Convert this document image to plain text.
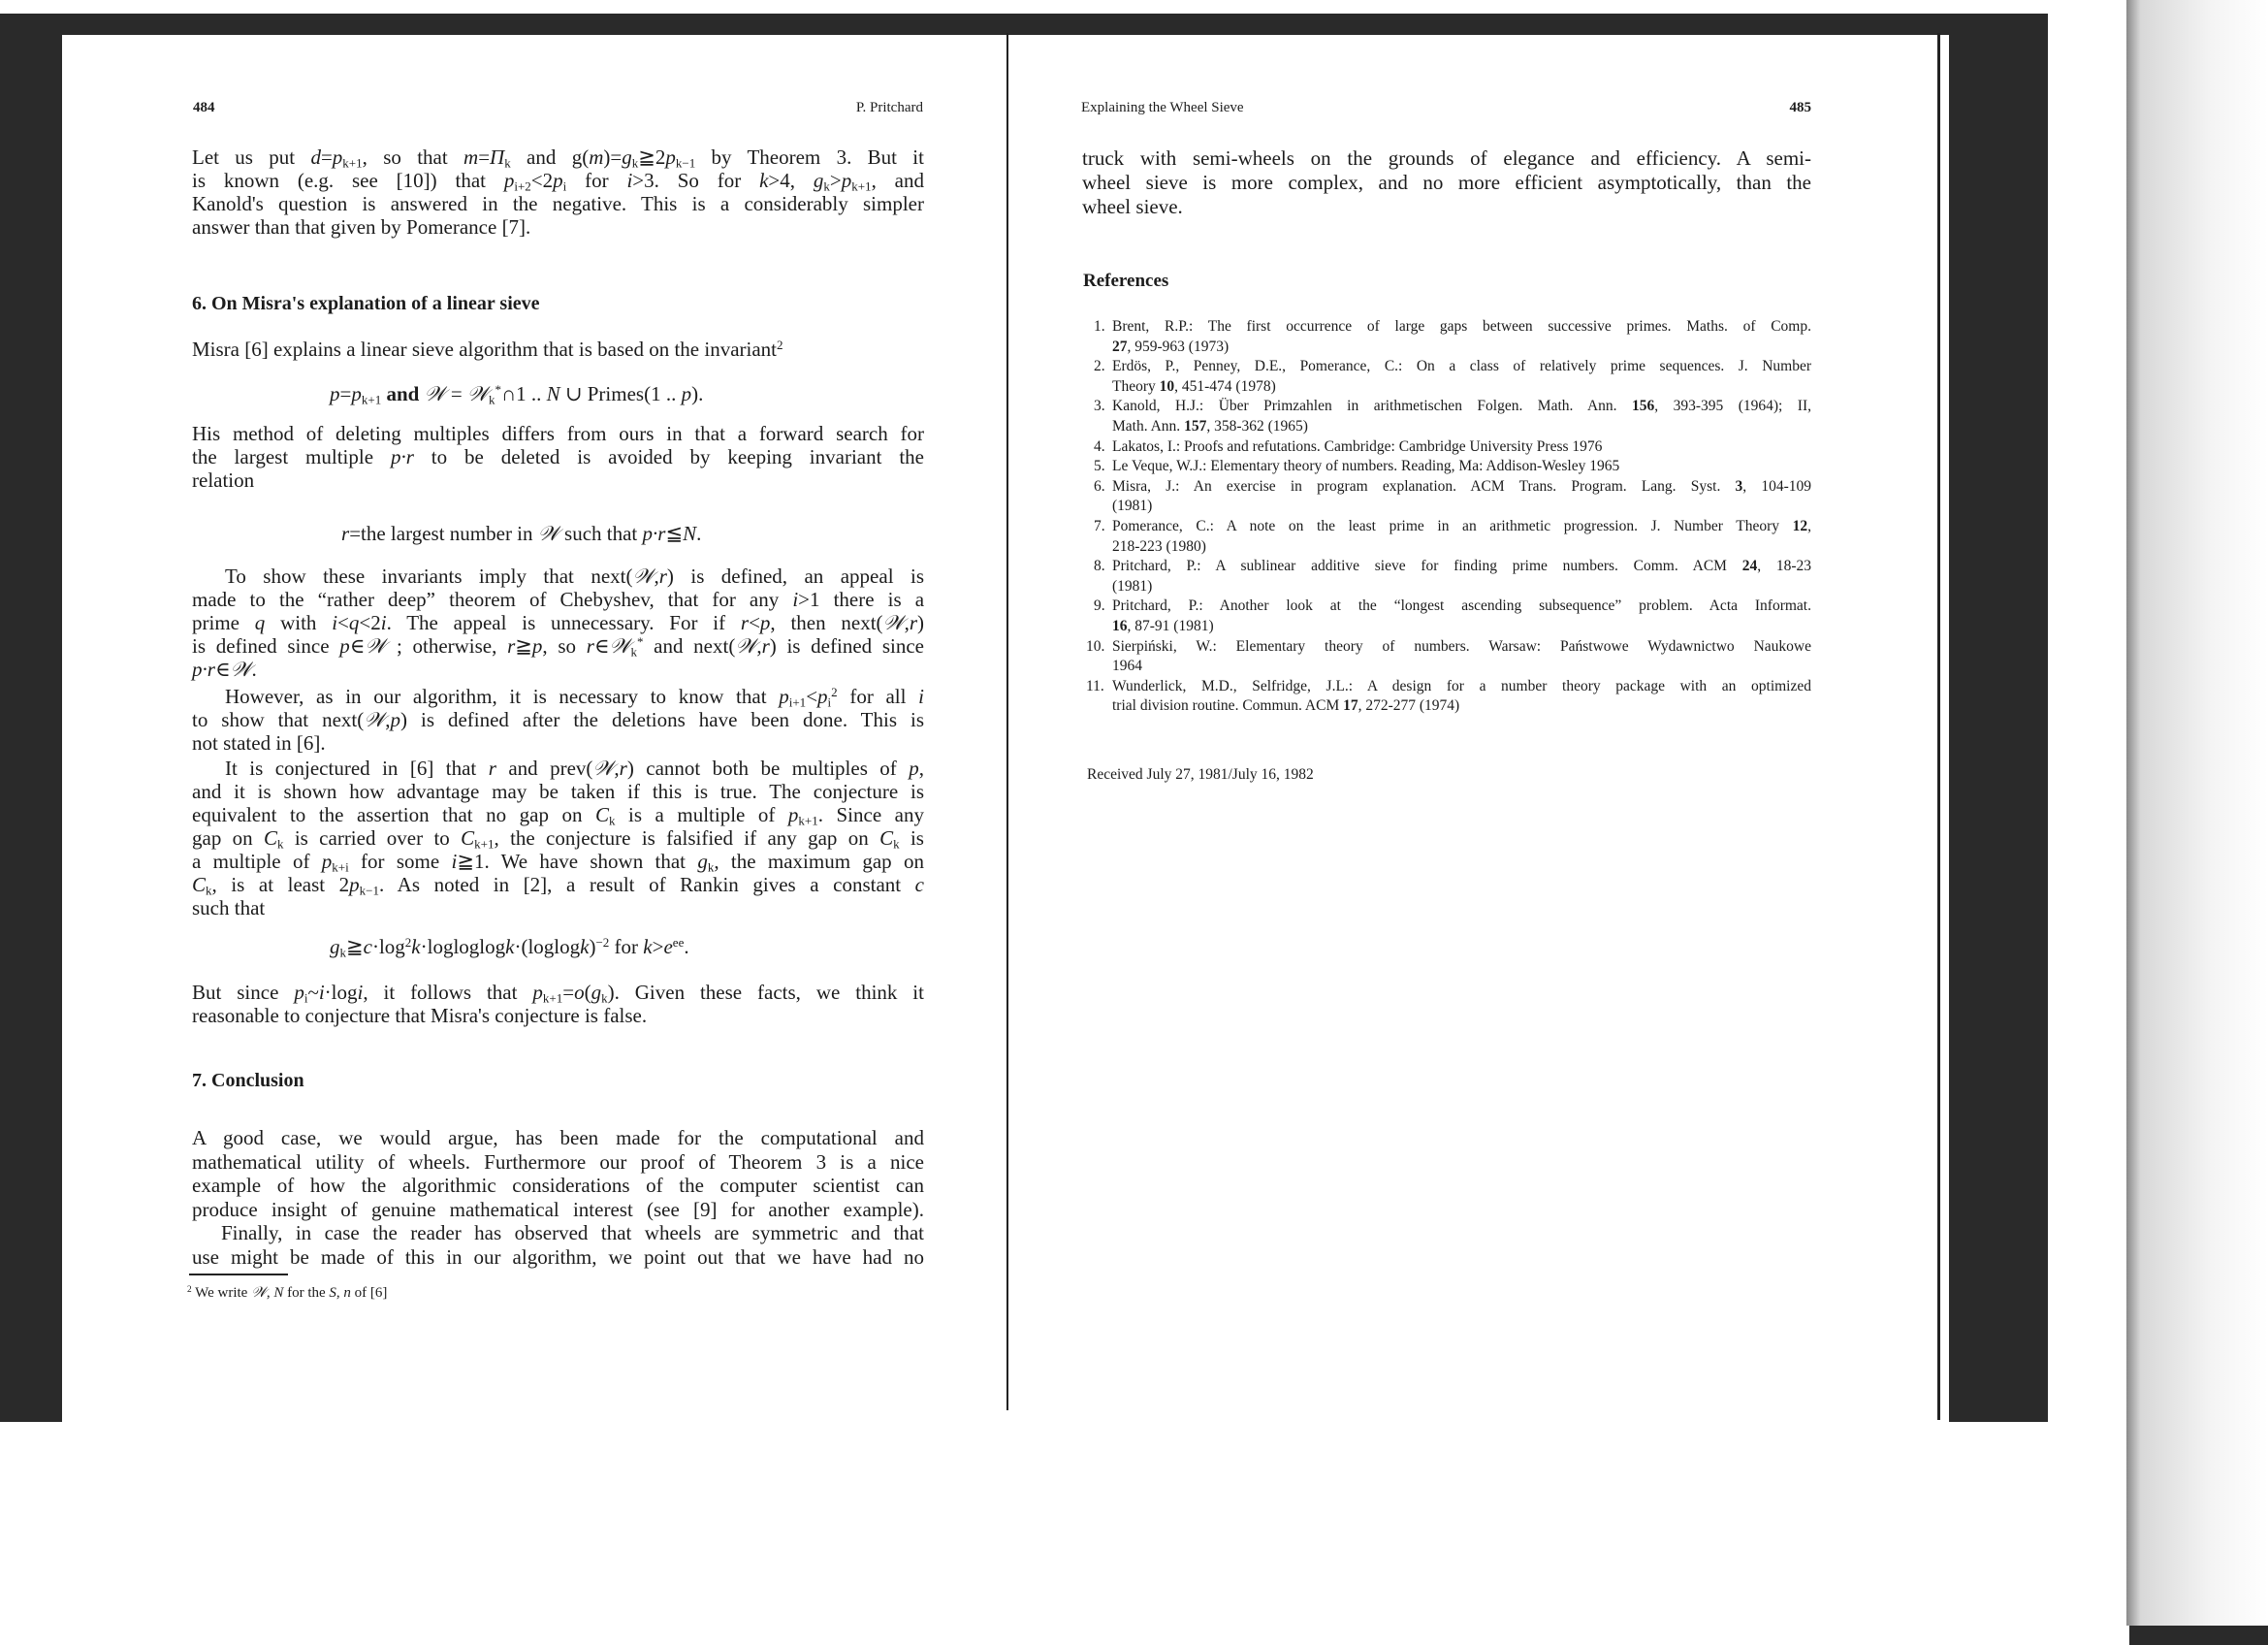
484	P. Pritchard
Let us put $d=p_{k+1}$, so that $m=\Pi_k$ and $g(m)=g_k≧2p_{k-1}$ by Theorem 3. But it
is known (e.g. see [10]) that $p_{i+2}<2p_i$ for i>3. So for k>4, $g_k>p_{k+1}$, and
Kanold's question is answered in the negative. This is a considerably simpler
answer than that given by Pomerance [7].
6. On Misra's explanation of a linear sieve
Misra [6] explains a linear sieve algorithm that is based on the invariant$^2$
$p=p_{k+1}$ and 𝒲 = 𝒲$_k$*∩1 .. N ∪ Primes(1 .. p).
His method of deleting multiples differs from ours in that a forward search for
the largest multiple p·r to be deleted is avoided by keeping invariant the
relation
r=the largest number in 𝒲 such that p·r≦N.
To show these invariants imply that next(𝒲,r) is defined, an appeal is
made to the “rather deep” theorem of Chebyshev, that for any i>1 there is a
prime q with i<q<2i. The appeal is unnecessary. For if r<p, then next(𝒲,r)
is defined since p∈𝒲 ; otherwise, r≧p, so r∈𝒲$_k$* and next(𝒲,r) is defined since
p·r∈𝒲.
However, as in our algorithm, it is necessary to know that $p_{i+1}<p_i^2$ for all i
to show that next(𝒲,p) is defined after the deletions have been done. This is
not stated in [6].
It is conjectured in [6] that r and prev(𝒲,r) cannot both be multiples of p,
and it is shown how advantage may be taken if this is true. The conjecture is
equivalent to the assertion that no gap on $C_k$ is a multiple of $p_{k+1}$. Since any
gap on $C_k$ is carried over to $C_{k+1}$, the conjecture is falsified if any gap on $C_k$ is
a multiple of $p_{k+i}$ for some i≧1. We have shown that $g_k$, the maximum gap on
$C_k$, is at least $2p_{k-1}$. As noted in [2], a result of Rankin gives a constant c
such that
$g_k≧c\cdot\log^2k\cdot logloglogk\cdot(loglogk)^{-2}$ for $k>e^{ee}$.
But since $p_i\sim i\cdot\log i$, it follows that $p_{k+1}=o(g_k)$. Given these facts, we think it
reasonable to conjecture that Misra's conjecture is false.
7. Conclusion
A good case, we would argue, has been made for the computational and
mathematical utility of wheels. Furthermore our proof of Theorem 3 is a nice
example of how the algorithmic considerations of the computer scientist can
produce insight of genuine mathematical interest (see [9] for another example).
Finally, in case the reader has observed that wheels are symmetric and that
use might be made of this in our algorithm, we point out that we have had no
$^2$ We write 𝒲, N for the S, n of [6]
Explaining the Wheel Sieve	485
truck with semi-wheels on the grounds of elegance and efficiency. A semi-
wheel sieve is more complex, and no more efficient asymptotically, than the
wheel sieve.
References
1. Brent, R.P.: The first occurrence of large gaps between successive primes. Maths. of Comp.
27, 959-963 (1973)
2. Erdös, P., Penney, D.E., Pomerance, C.: On a class of relatively prime sequences. J. Number
Theory 10, 451-474 (1978)
3. Kanold, H.J.: Über Primzahlen in arithmetischen Folgen. Math. Ann. 156, 393-395 (1964); II,
Math. Ann. 157, 358-362 (1965)
4. Lakatos, I.: Proofs and refutations. Cambridge: Cambridge University Press 1976
5. Le Veque, W.J.: Elementary theory of numbers. Reading, Ma: Addison-Wesley 1965
6. Misra, J.: An exercise in program explanation. ACM Trans. Program. Lang. Syst. 3, 104-109
(1981)
7. Pomerance, C.: A note on the least prime in an arithmetic progression. J. Number Theory 12,
218-223 (1980)
8. Pritchard, P.: A sublinear additive sieve for finding prime numbers. Comm. ACM 24, 18-23
(1981)
9. Pritchard, P.: Another look at the “longest ascending subsequence” problem. Acta Informat.
16, 87-91 (1981)
10. Sierpiński, W.: Elementary theory of numbers. Warsaw: Państwowe Wydawnictwo Naukowe
1964
11. Wunderlick, M.D., Selfridge, J.L.: A design for a number theory package with an optimized
trial division routine. Commun. ACM 17, 272-277 (1974)
Received July 27, 1981/July 16, 1982
